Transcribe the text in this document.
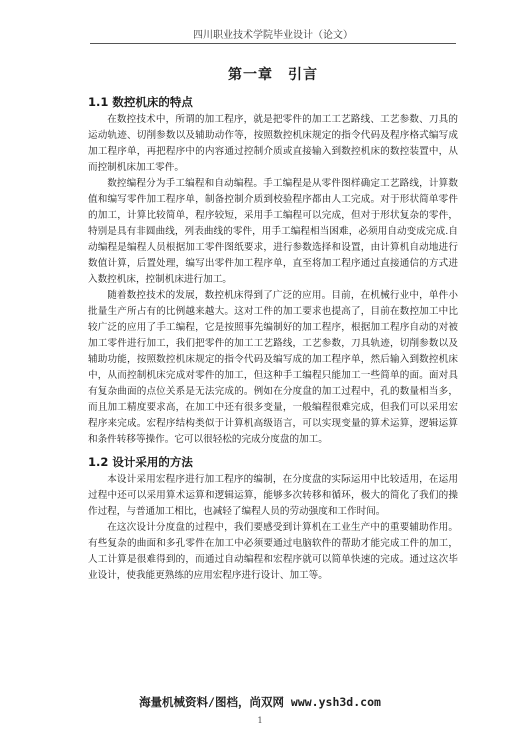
四川职业技术学院毕业设计（论文）
第一章　引言
1.1 数控机床的特点

在数控技术中，所谓的加工程序，就是把零件的加工工艺路线、工艺参数、刀具的运动轨迹、切削参数以及辅助动作等，按照数控机床规定的指令代码及程序格式编写成加工程序单，再把程序中的内容通过控制介质或直接输入到数控机床的数控装置中，从而控制机床加工零件。

数控编程分为手工编程和自动编程。手工编程是从零件图样确定工艺路线，计算数值和编写零件加工程序单，制备控制介质到校验程序都由人工完成。对于形状简单零件的加工，计算比较简单，程序较短，采用手工编程可以完成，但对于形状复杂的零件，特别是具有非圆曲线，列表曲线的零件，用手工编程相当困难，必须用自动变成完成.自动编程是编程人员根据加工零件图纸要求，进行参数选择和设置，由计算机自动地进行数值计算，后置处理，编写出零件加工程序单，直至将加工程序通过直接通信的方式进入数控机床，控制机床进行加工。

随着数控技术的发展，数控机床得到了广泛的应用。目前，在机械行业中，单件小批量生产所占有的比例越来越大。这对工件的加工要求也提高了，目前在数控加工中比较广泛的应用了手工编程，它是按照事先编制好的加工程序，根据加工程序自动的对被加工零件进行加工，我们把零件的加工工艺路线，工艺参数，刀具轨迹，切削参数以及辅助功能，按照数控机床规定的指令代码及编写成的加工程序单，然后输入到数控机床中，从而控制机床完成对零件的加工，但这种手工编程只能加工一些简单的面。面对具有复杂曲面的点位关系是无法完成的。例如在分度盘的加工过程中，孔的数量相当多，而且加工精度要求高，在加工中还有很多变量，一般编程很难完成，但我们可以采用宏程序来完成。宏程序结构类似于计算机高级语言，可以实现变量的算术运算，逻辑运算和条件转移等操作。它可以很轻松的完成分度盘的加工。

1.2 设计采用的方法

本设计采用宏程序进行加工程序的编制，在分度盘的实际运用中比较适用，在运用过程中还可以采用算术运算和逻辑运算，能够多次转移和循环，极大的简化了我们的操作过程，与普通加工相比，也减轻了编程人员的劳动强度和工作时间。

在这次设计分度盘的过程中，我们要感受到计算机在工业生产中的重要辅助作用。有些复杂的曲面和多孔零件在加工中必须要通过电脑软件的帮助才能完成工件的加工，人工计算是很难得到的，而通过自动编程和宏程序就可以简单快速的完成。通过这次毕业设计，使我能更熟练的应用宏程序进行设计、加工等。

海量机械资料/图档，尚双网 www.ysh3d.com
1
